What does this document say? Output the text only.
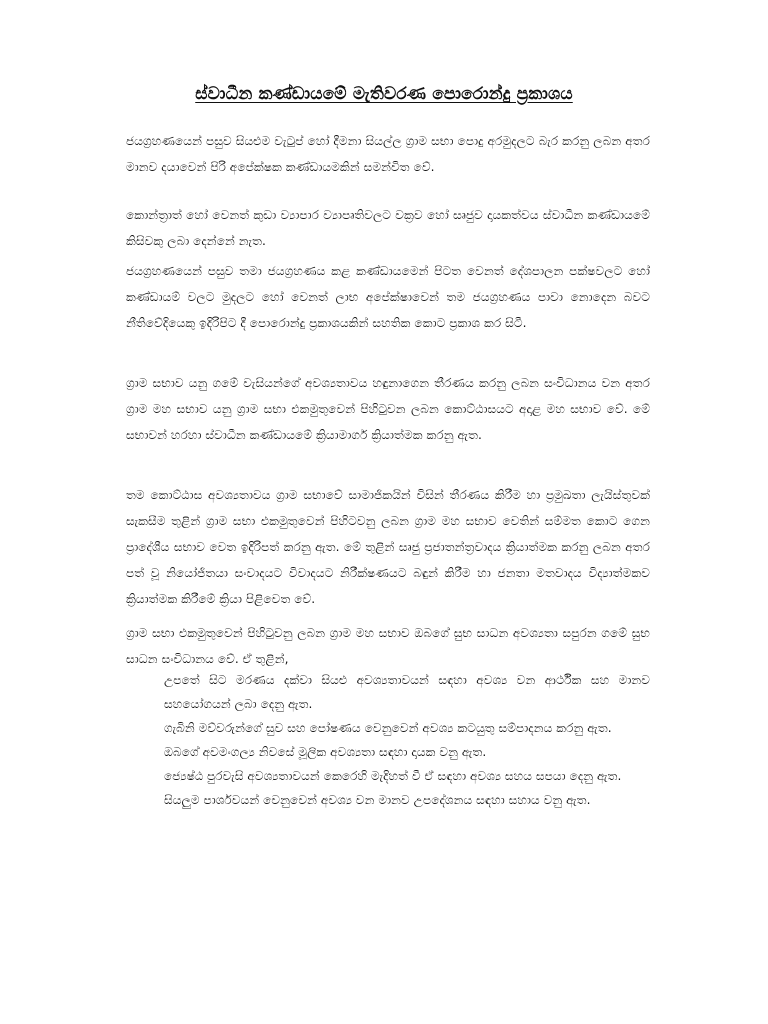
ස්වාධීන කණ්ඩායමේ මැතිවරණ පොරොන්දු ප්‍රකාශය
ජයග්‍රහණයෙන් පසුව සියළුම වැටුප් හෝ දීමනා සියල්ල ග්‍රාම සභා පොදු අරමුදලට බැර කරනු ලබන අතර මානව දයාවෙන් පිරි අපේක්ෂක කණ්ඩායමකින් සමන්විත වේ.
කොන්ත්‍රාත් හෝ වෙනත් කුඩා ව්‍යාපාර ව්‍යාපෘතිවලට වක්‍රව හෝ සෘජුව දායකත්වය ස්වාධීන කණ්ඩායමේ කිසිවකු ලබා දෙන්නේ නැත.
ජයග්‍රහණයෙන් පසුව තමා ජයග්‍රහණය කළ කණ්ඩායමෙන් පිටත වෙනත් දේශපාලන පක්ෂවලට හෝ කණ්ඩායම් වලට මුදලට හෝ වෙනත් ලාභ අපේක්ෂාවෙන් තම ජයග්‍රහණය පාවා නොදෙන බවට නීතිවේදියෙකු ඉදිරිපිට දී පොරොන්දු ප්‍රකාශයකින් සහතික කොට ප්‍රකාශ කර සිටී.
ග්‍රාම සභාව යනු ගමේ වැසියන්ගේ අවශ්‍යතාවය හඳුනාගෙන තීරණය කරනු ලබන සංවිධානය වන අතර ග්‍රාම මහ සභාව යනු ග්‍රාම සභා එකමුතුවෙන් පිහිටුවන ලබන කොට්ඨාසයට අදාළ මහ සභාව වේ. මේ සභාවන් හරහා ස්වාධීන කණ්ඩායමේ ක්‍රියාමාර්ග ක්‍රියාත්මක කරනු ඇත.
තම කොට්ඨාස අවශ්‍යතාවය ග්‍රාම සභාවේ සාමාජිකයින් විසින් තීරණය කිරීම හා ප්‍රමුඛතා ලැයිස්තුවක් සැකසීම තුළින් ග්‍රාම සභා එකමුතුවෙන් පිහිටවනු ලබන ග්‍රාම මහ සභාව වෙතින් සම්මත කොට ගෙන ප්‍රාදේශීය සභාව වෙත ඉදිරිපත් කරනු ඇත. මේ තුළින් සෘජු ප්‍රජාතන්ත්‍රවාදය ක්‍රියාත්මක කරනු ලබන අතර පත් වූ නියෝජිතයා සංවාදයට විවාදයට නිරීක්ෂණයට බඳුන් කිරීම හා ජනතා මතවාදය විද්‍යාත්මකව ක්‍රියාත්මක කිරීමේ ක්‍රියා පිළිවෙත වේ.
ග්‍රාම සභා එකමුතුවෙන් පිහිටුවනු ලබන ග්‍රාම මහ සභාව ඔබගේ සුභ සාධන අවශ්‍යතා සපුරන ගමේ සුභ සාධන සංවිධානය වේ. ඒ තුළින්,
උපතේ සිට මරණය දක්වා සියළු අවශ්‍යතාවයන් සඳහා අවශ්‍ය වන ආර්ථික සහ මානව සහයෝගයන් ලබා දෙනු ඇත.
ගැබිනි මව්වරුන්ගේ සුව සහ පෝෂණය වෙනුවෙන් අවශ්‍ය කටයුතු සම්පාදනය කරනු ඇත.
ඔබගේ අවමංගල්‍ය නිවසේ මූලික අවශ්‍යතා සඳහා දායක වනු ඇත.
ජ්‍යෙෂ්ඨ පුරවැසි අවශ්‍යතාවයන් කෙරෙහි මැදිහත් වී ඒ සඳහා අවශ්‍ය සහය සපයා දෙනු ඇත.
සියලුම පාර්ශවයන් වෙනුවෙන් අවශ්‍ය වන මානව උපදේශනය සඳහා සහාය වනු ඇත.
